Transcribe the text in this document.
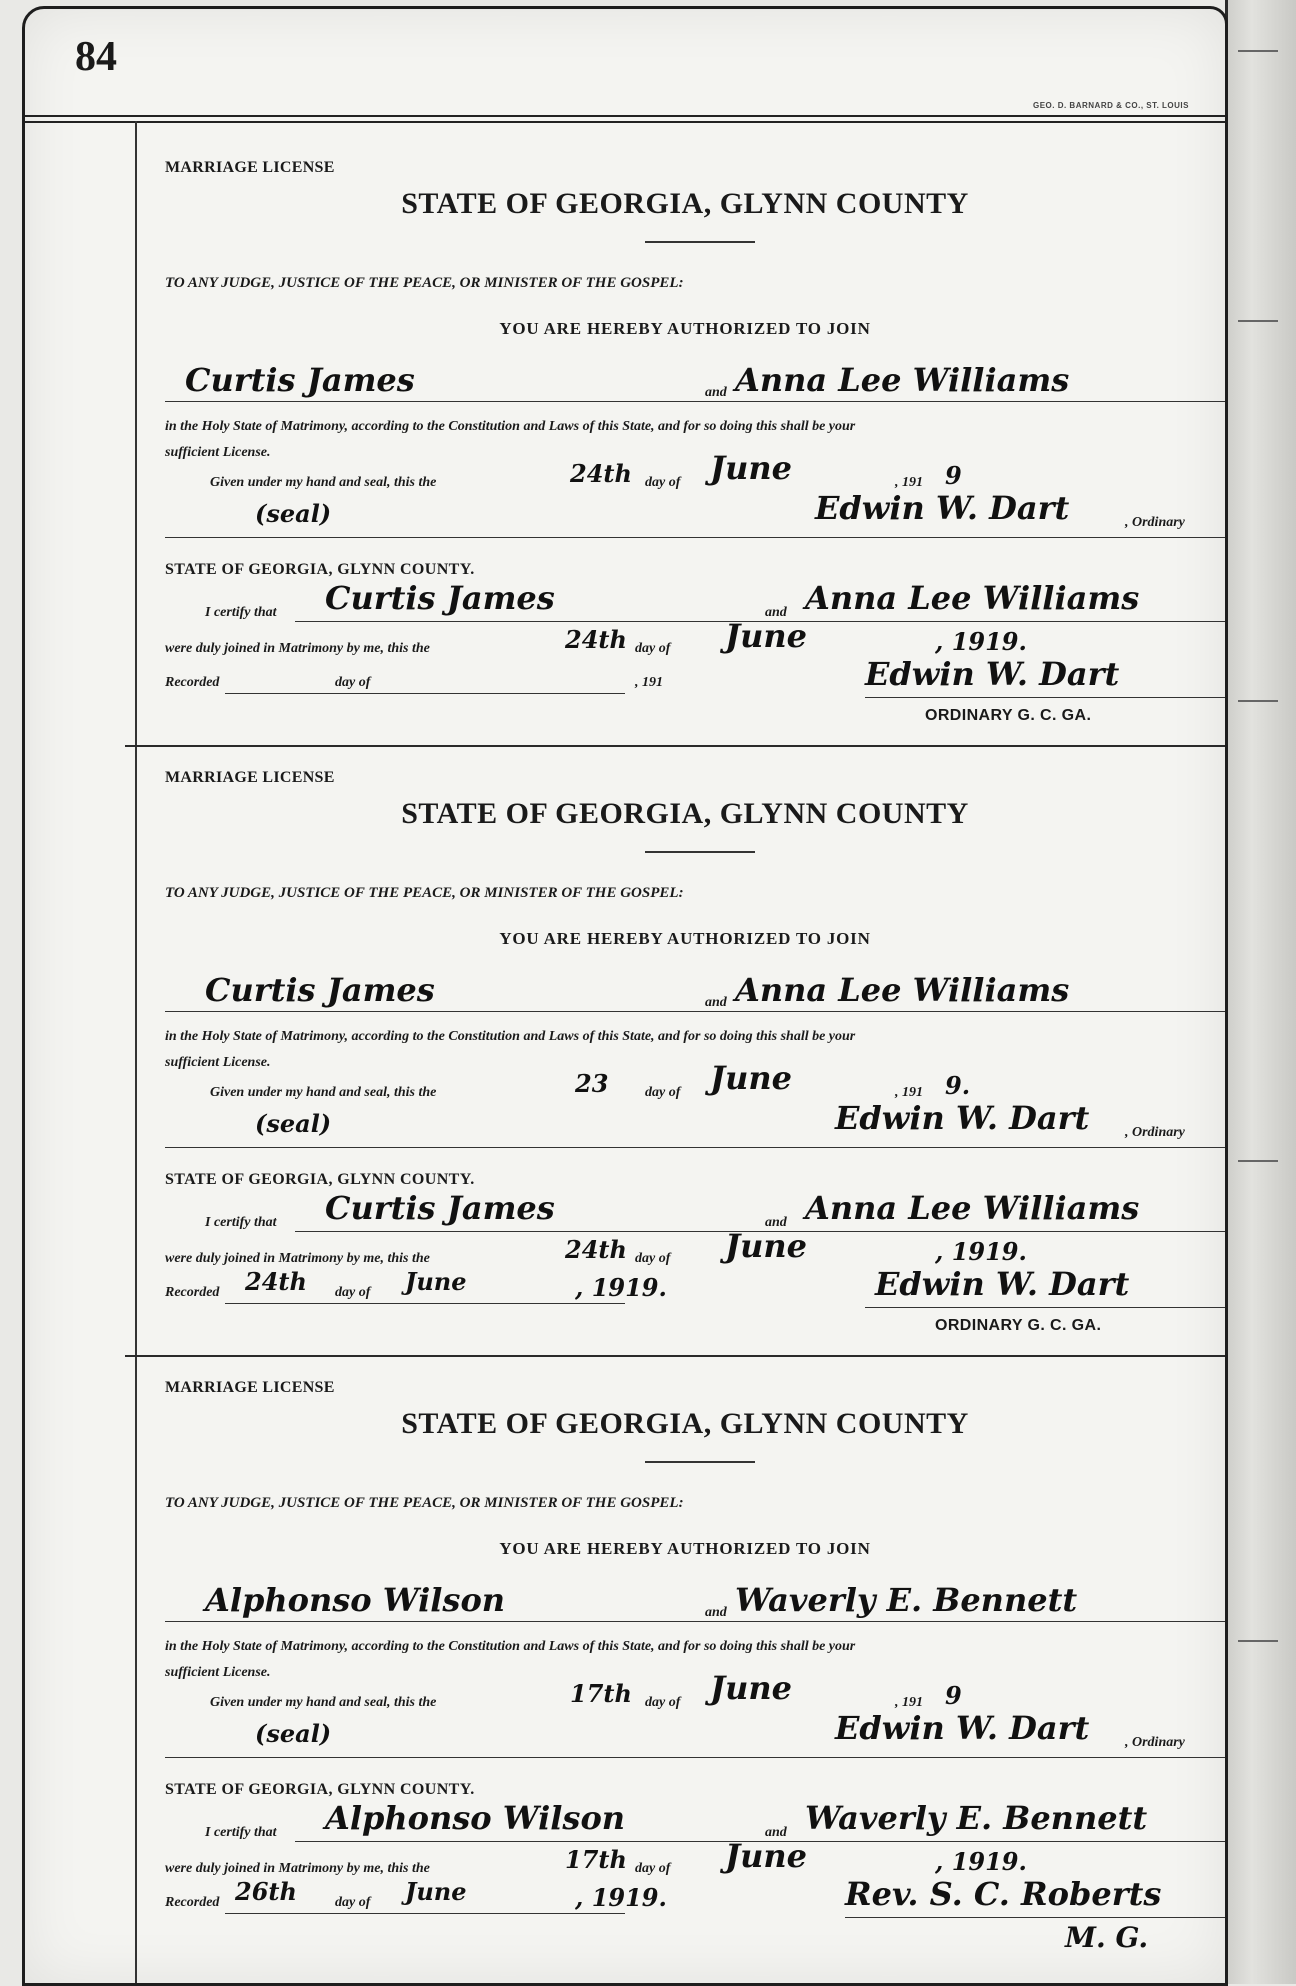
84
GEO. D. BARNARD & CO., ST. LOUIS
MARRIAGE LICENSE
STATE OF GEORGIA, GLYNN COUNTY
TO ANY JUDGE, JUSTICE OF THE PEACE, OR MINISTER OF THE GOSPEL:
YOU ARE HEREBY AUTHORIZED TO JOIN
Curtis James	and Anna Lee Williams
in the Holy State of Matrimony, according to the Constitution and Laws of this State, and for so doing this shall be your
sufficient License.
Given under my hand and seal, this the	24th day of June	, 191 9
(seal)	Edwin W. Dart	, Ordinary
STATE OF GEORGIA, GLYNN COUNTY.
I certify that Curtis James	and Anna Lee Williams
were duly joined in Matrimony by me, this the	24th day of June	, 1919.
Recorded	day of	, 191	Edwin W. Dart
ORDINARY G. C. GA.
MARRIAGE LICENSE
STATE OF GEORGIA, GLYNN COUNTY
TO ANY JUDGE, JUSTICE OF THE PEACE, OR MINISTER OF THE GOSPEL:
YOU ARE HEREBY AUTHORIZED TO JOIN
Curtis James	and Anna Lee Williams
in the Holy State of Matrimony, according to the Constitution and Laws of this State, and for so doing this shall be your
sufficient License.
Given under my hand and seal, this the	23	day of June	, 191 9.
(seal)	Edwin W. Dart	, Ordinary
STATE OF GEORGIA, GLYNN COUNTY.
I certify that Curtis James	and Anna Lee Williams
were duly joined in Matrimony by me, this the	24th day of June	, 1919.
Recorded 24th day of June	, 1919.	Edwin W. Dart
ORDINARY G. C. GA.
MARRIAGE LICENSE
STATE OF GEORGIA, GLYNN COUNTY
TO ANY JUDGE, JUSTICE OF THE PEACE, OR MINISTER OF THE GOSPEL:
YOU ARE HEREBY AUTHORIZED TO JOIN
Alphonso Wilson	and Waverly E. Bennett
in the Holy State of Matrimony, according to the Constitution and Laws of this State, and for so doing this shall be your
sufficient License.
Given under my hand and seal, this the	17th day of June	, 191 9
(seal)	Edwin W. Dart	, Ordinary
STATE OF GEORGIA, GLYNN COUNTY.
I certify that Alphonso Wilson	and Waverly E. Bennett
were duly joined in Matrimony by me, this the	17th day of June	, 1919.
Recorded 26th	day of June	, 1919.	Rev. S. C. Roberts
M. G.
